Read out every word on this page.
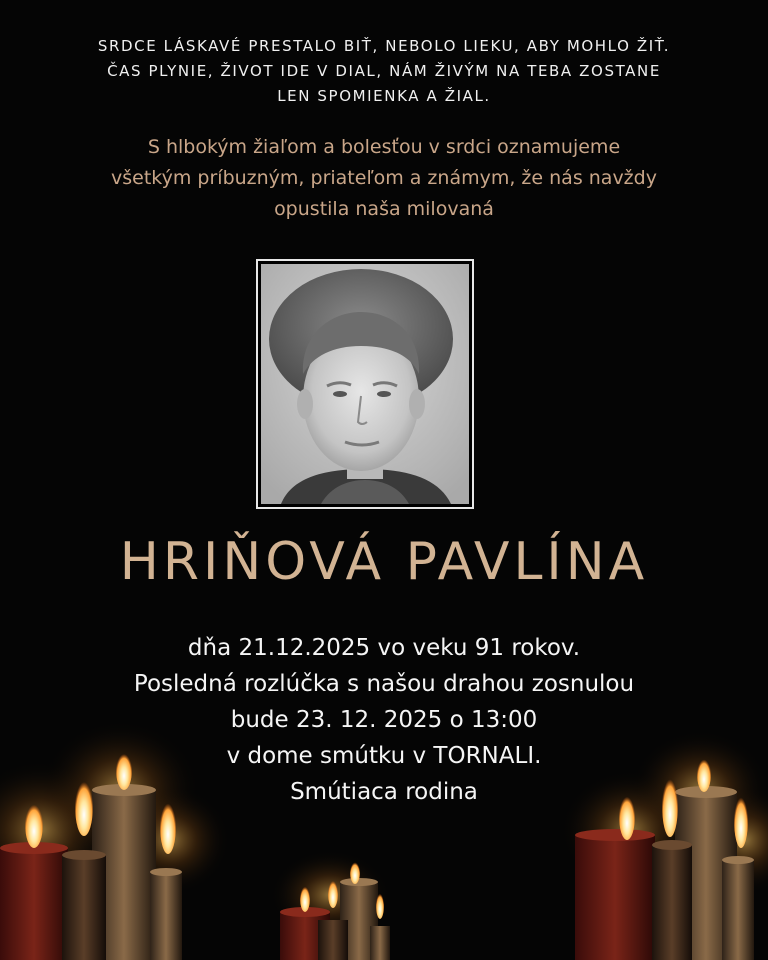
SRDCE LÁSKAVÉ PRESTALO BIŤ, NEBOLO LIEKU, ABY MOHLO ŽIŤ.
ČAS PLYNIE, ŽIVOT IDE V DIAL, NÁM ŽIVÝM NA TEBA ZOSTANE
LEN SPOMIENKA A ŽIAL.
S hlbokým žiaľom a bolesťou v srdci oznamujeme
všetkým príbuzným, priateľom a známym, že nás navždy
opustila naša milovaná
HRIŇOVÁ PAVLÍNA
dňa 21.12.2025 vo veku 91 rokov.
Posledná rozlúčka s našou drahou zosnulou
bude 23. 12. 2025 o 13:00
v dome smútku v TORNALI.
Smútiaca rodina
